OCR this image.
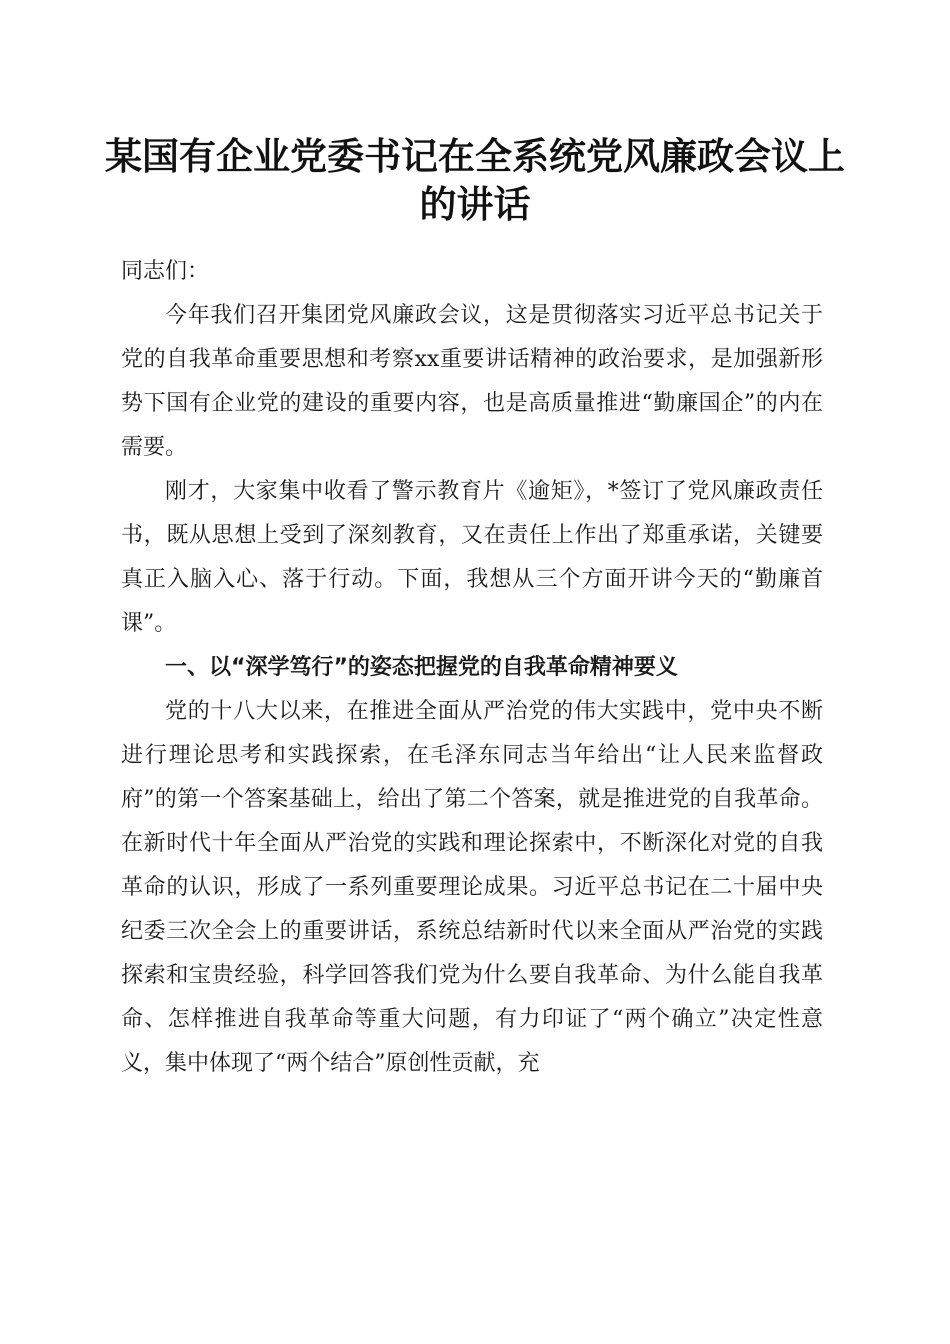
某国有企业党委书记在全系统党风廉政会议上的讲话

同志们：

今年我们召开集团党风廉政会议，这是贯彻落实习近平总书记关于党的自我革命重要思想和考察xx重要讲话精神的政治要求，是加强新形势下国有企业党的建设的重要内容，也是高质量推进“勤廉国企”的内在需要。

刚才，大家集中收看了警示教育片《逾矩》，*签订了党风廉政责任书，既从思想上受到了深刻教育，又在责任上作出了郑重承诺，关键要真正入脑入心、落于行动。下面，我想从三个方面开讲今天的“勤廉首课”。

一、以“深学笃行”的姿态把握党的自我革命精神要义

党的十八大以来，在推进全面从严治党的伟大实践中，党中央不断进行理论思考和实践探索，在毛泽东同志当年给出“让人民来监督政府”的第一个答案基础上，给出了第二个答案，就是推进党的自我革命。在新时代十年全面从严治党的实践和理论探索中，不断深化对党的自我革命的认识，形成了一系列重要理论成果。习近平总书记在二十届中央纪委三次全会上的重要讲话，系统总结新时代以来全面从严治党的实践探索和宝贵经验，科学回答我们党为什么要自我革命、为什么能自我革命、怎样推进自我革命等重大问题，有力印证了“两个确立”决定性意义，集中体现了“两个结合”原创性贡献，充
